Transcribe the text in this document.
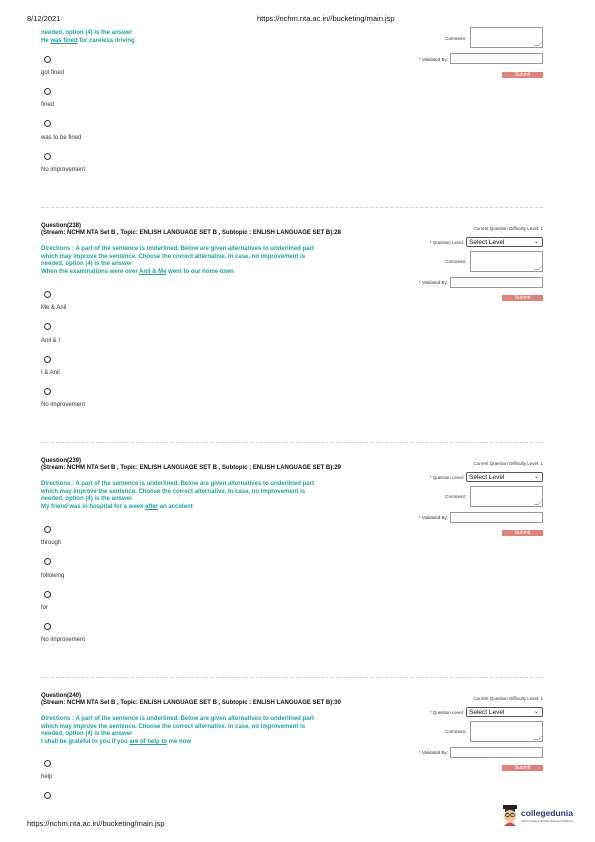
8/12/2021	https://nchm.nta.ac.in//bucketing/main.jsp
needed, option (4) is the answer
He was fined for careless driving
got fined
fined
was to be fined
No improvement
Comment:
* Validated By:
Submit
Question(238)
(Stream: NCHM NTA Set B , Topic: ENLISH LANGUAGE SET B , Subtopic : ENLISH LANGUAGE SET B):28
Directions : A part of the sentence is underlined. Below are given alternatives to underlined part
which may improve the sentence. Choose the correct alternative. In case, no improvement is
needed, option (4) is the answer
When the examinations were over Anil & Me went to our home town
Me & Anil
Anil & I
I & Anil
No improvement
Current Question Difficulty Level: 1
* Question Level: Select Level	⌄
Comment:
* Validated By:
Submit
Question(239)
(Stream: NCHM NTA Set B , Topic: ENLISH LANGUAGE SET B , Subtopic : ENLISH LANGUAGE SET B):29
Directions : A part of the sentence is underlined. Below are given alternatives to underlined part
which may improve the sentence. Choose the correct alternative. In case, no improvement is
needed, option (4) is the answer
My friend was in hospital for a week after an accident
through
following
for
No improvement
Current Question Difficulty Level: 1
* Question Level: Select Level	⌄
Comment:
* Validated By:
Submit
Question(240)
(Stream: NCHM NTA Set B , Topic: ENLISH LANGUAGE SET B , Subtopic : ENLISH LANGUAGE SET B):30
Directions : A part of the sentence is underlined. Below are given alternatives to underlined part
which may improve the sentence. Choose the correct alternative. In case, no improvement is
needed, option (4) is the answer
I shall be grateful to you if you are of help to me now
help
Current Question Difficulty Level: 1
* Question Level: Select Level	⌄
Comment:
* Validated By:
Submit
https://nchm.nta.ac.in//bucketing/main.jsp
collegedunia
India's largest Student Review Platform
